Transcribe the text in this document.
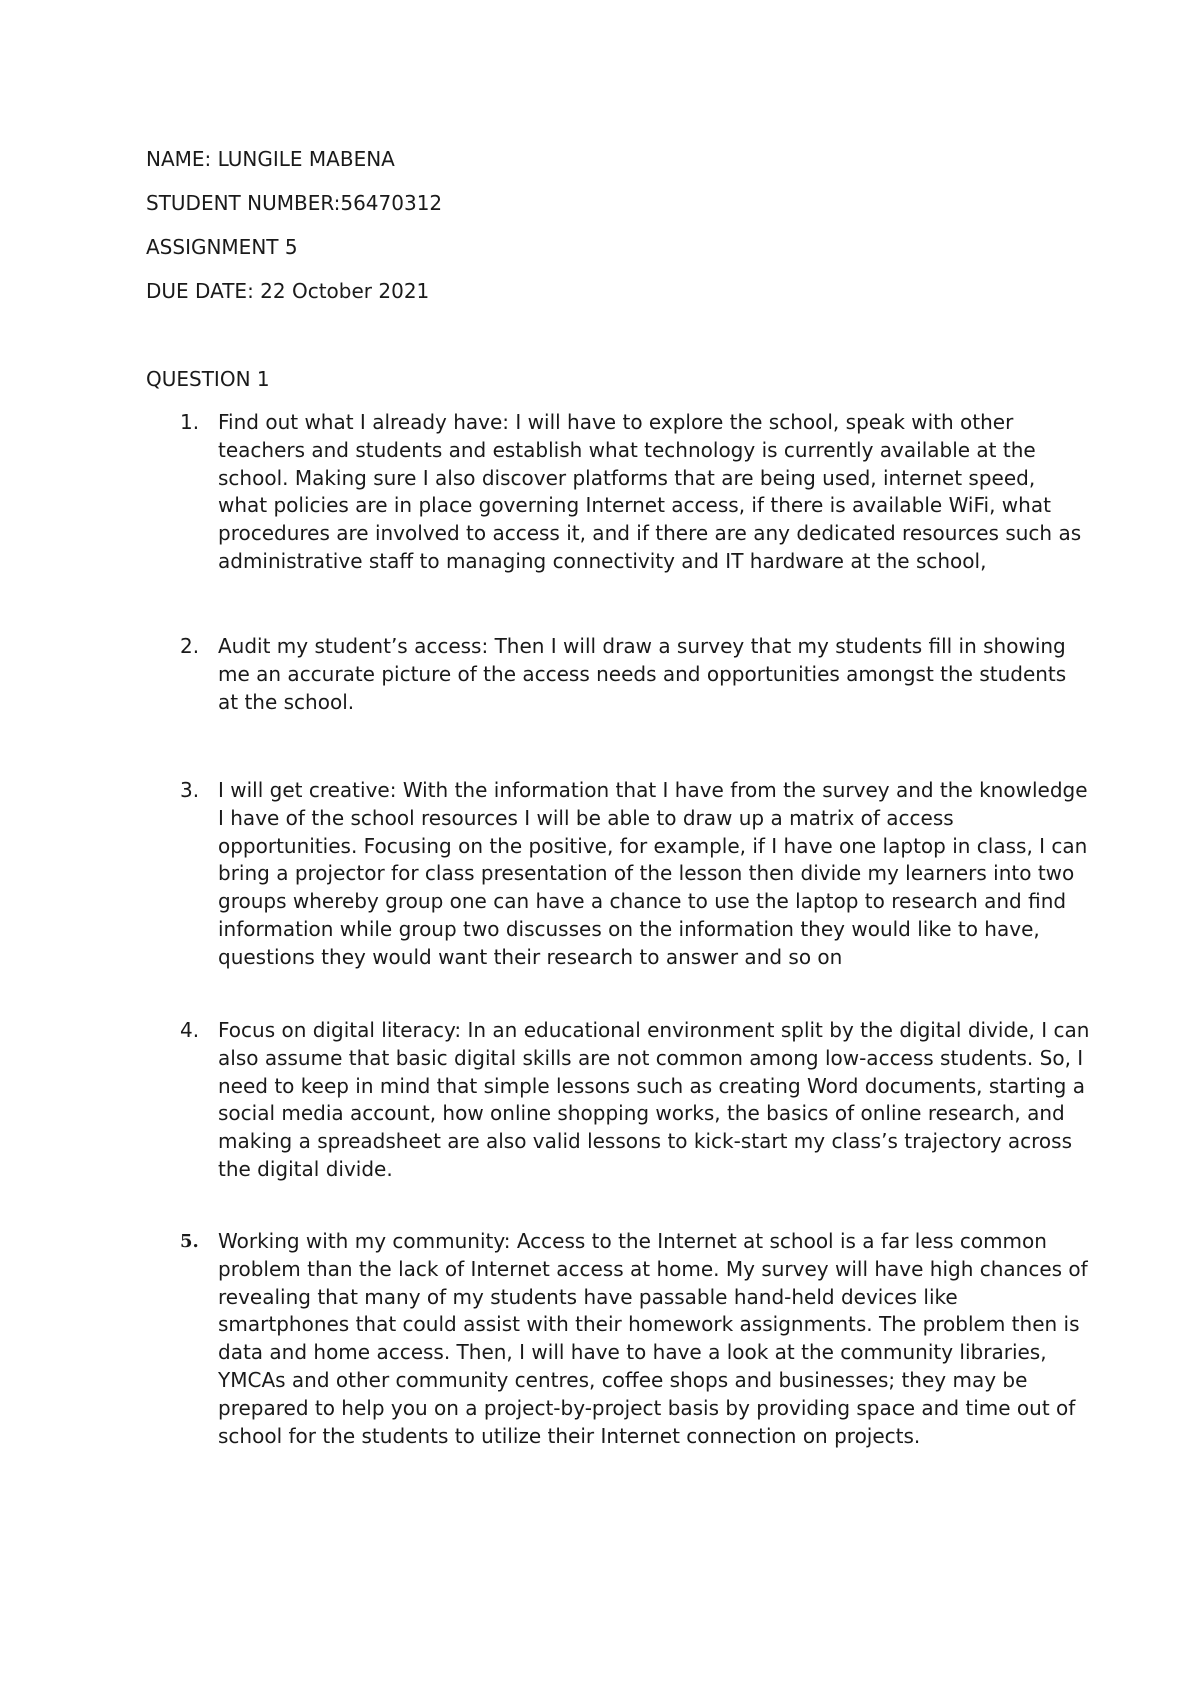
NAME: LUNGILE MABENA
STUDENT NUMBER:56470312
ASSIGNMENT 5
DUE DATE: 22 October 2021
QUESTION 1
1. Find out what I already have: I will have to explore the school, speak with other teachers and students and establish what technology is currently available at the school. Making sure I also discover platforms that are being used, internet speed, what policies are in place governing Internet access, if there is available WiFi, what procedures are involved to access it, and if there are any dedicated resources such as administrative staff to managing connectivity and IT hardware at the school,
2. Audit my student’s access: Then I will draw a survey that my students fill in showing me an accurate picture of the access needs and opportunities amongst the students at the school.
3. I will get creative: With the information that I have from the survey and the knowledge I have of the school resources I will be able to draw up a matrix of access opportunities. Focusing on the positive, for example, if I have one laptop in class, I can bring a projector for class presentation of the lesson then divide my learners into two groups whereby group one can have a chance to use the laptop to research and find information while group two discusses on the information they would like to have, questions they would want their research to answer and so on
4. Focus on digital literacy: In an educational environment split by the digital divide, I can also assume that basic digital skills are not common among low-access students. So, I need to keep in mind that simple lessons such as creating Word documents, starting a social media account, how online shopping works, the basics of online research, and making a spreadsheet are also valid lessons to kick-start my class’s trajectory across the digital divide.
5. Working with my community: Access to the Internet at school is a far less common problem than the lack of Internet access at home. My survey will have high chances of revealing that many of my students have passable hand-held devices like smartphones that could assist with their homework assignments. The problem then is data and home access. Then, I will have to have a look at the community libraries, YMCAs and other community centres, coffee shops and businesses; they may be prepared to help you on a project-by-project basis by providing space and time out of school for the students to utilize their Internet connection on projects.
